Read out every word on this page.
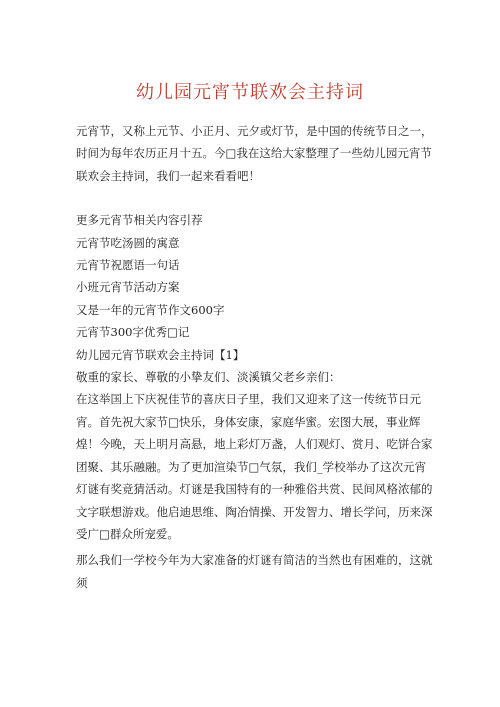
幼儿园元宵节联欢会主持词

元宵节，又称上元节、小正月、元夕或灯节，是中国的传统节日之一，时间为每年农历正月十五。今□我在这给大家整理了一些幼儿园元宵节联欢会主持词，我们一起来看看吧！

更多元宵节相关内容引荐

元宵节吃汤圆的寓意

元宵节祝愿语一句话

小班元宵节活动方案

又是一年的元宵节作文600字

元宵节300字优秀□记

幼儿园元宵节联欢会主持词【1】

敬重的家长、尊敬的小挚友们、淡溪镇父老乡亲们：

在这举国上下庆祝佳节的喜庆日子里，我们又迎来了这一传统节日元宵。首先祝大家节□快乐，身体安康，家庭华蜜。宏图大展，事业辉煌！今晚，天上明月高悬，地上彩灯万盏，人们观灯、赏月、吃饼合家团聚、其乐融融。为了更加渲染节□气氛，我们_学校举办了这次元宵灯谜有奖竞猜活动。灯谜是我国特有的一种雅俗共赏、民间风格浓郁的文字联想游戏。他启迪思维、陶冶情操、开发智力、增长学问，历来深受广□群众所宠爱。

那么我们一学校今年为大家准备的灯谜有简洁的当然也有困难的，这就须
